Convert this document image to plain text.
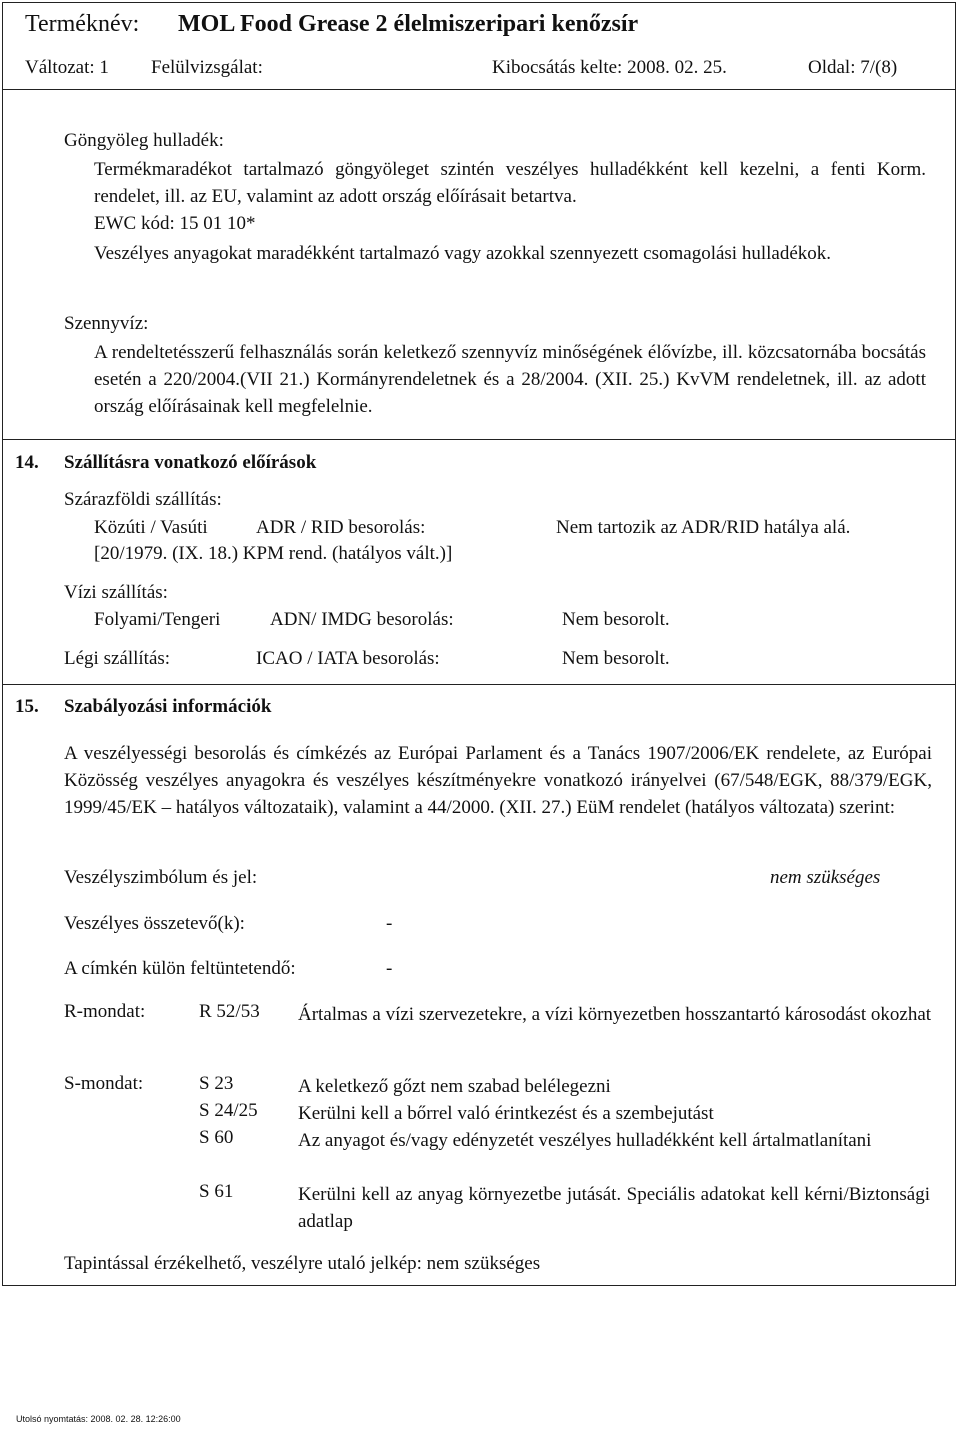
Terméknév: MOL Food Grease 2 élelmiszeripari kenőzsír
Változat: 1 Felülvizsgálat:	Kibocsátás kelte: 2008. 02. 25.	Oldal: 7/(8)
Göngyöleg hulladék:
Termékmaradékot tartalmazó göngyöleget szintén veszélyes hulladékként kell kezelni, a fenti Korm. rendelet, ill. az EU, valamint az adott ország előírásait betartva.
EWC kód: 15 01 10*
Veszélyes anyagokat maradékként tartalmazó vagy azokkal szennyezett csomagolási hulladékok.
Szennyvíz:
A rendeltetésszerű felhasználás során keletkező szennyvíz minőségének élővízbe, ill. közcsatornába bocsátás esetén a 220/2004.(VII 21.) Kormányrendeletnek és a 28/2004. (XII. 25.) KvVM rendeletnek, ill. az adott ország előírásainak kell megfelelnie.
14. Szállításra vonatkozó előírások
Szárazföldi szállítás:
Közúti / Vasúti	ADR / RID besorolás:	Nem tartozik az ADR/RID hatálya alá.
[20/1979. (IX. 18.) KPM rend. (hatályos vált.)]
Vízi szállítás:
Folyami/Tengeri	ADN/ IMDG besorolás:	Nem besorolt.
Légi szállítás:	ICAO / IATA besorolás:	Nem besorolt.
15. Szabályozási információk
A veszélyességi besorolás és címkézés az Európai Parlament és a Tanács 1907/2006/EK rendelete, az Európai Közösség veszélyes anyagokra és veszélyes készítményekre vonatkozó irányelvei (67/548/EGK, 88/379/EGK, 1999/45/EK – hatályos változataik), valamint a 44/2000. (XII. 27.) EüM rendelet (hatályos változata) szerint:
Veszélyszimbólum és jel:	nem szükséges
Veszélyes összetevő(k):	-
A címkén külön feltüntetendő:	-
R-mondat:	R 52/53 Ártalmas a vízi szervezetekre, a vízi környezetben hosszantartó károsodást okozhat
S-mondat:	S 23	A keletkező gőzt nem szabad belélegezni
S 24/25 Kerülni kell a bőrrel való érintkezést és a szembejutást
S 60	Az anyagot és/vagy edényzetét veszélyes hulladékként kell ártalmatlanítani
S 61	Kerülni kell az anyag környezetbe jutását. Speciális adatokat kell kérni/Biztonsági adatlap
Tapintással érzékelhető, veszélyre utaló jelkép: nem szükséges
Utolsó nyomtatás: 2008. 02. 28. 12:26:00
